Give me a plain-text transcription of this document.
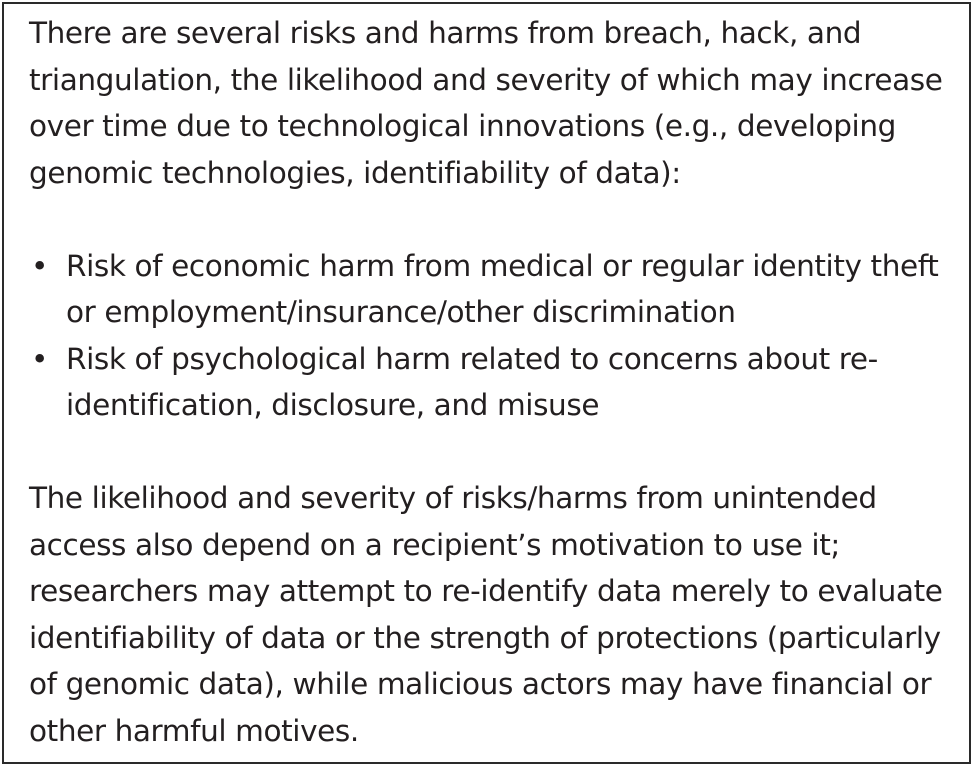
There are several risks and harms from breach, hack, and triangulation, the likelihood and severity of which may increase over time due to technological innovations (e.g., developing genomic technologies, identifiability of data):

• Risk of economic harm from medical or regular identity theft or employment/insurance/other discrimination
• Risk of psychological harm related to concerns about re-identification, disclosure, and misuse

The likelihood and severity of risks/harms from unintended access also depend on a recipient’s motivation to use it; researchers may attempt to re-identify data merely to evaluate identifiability of data or the strength of protections (particularly of genomic data), while malicious actors may have financial or other harmful motives.
